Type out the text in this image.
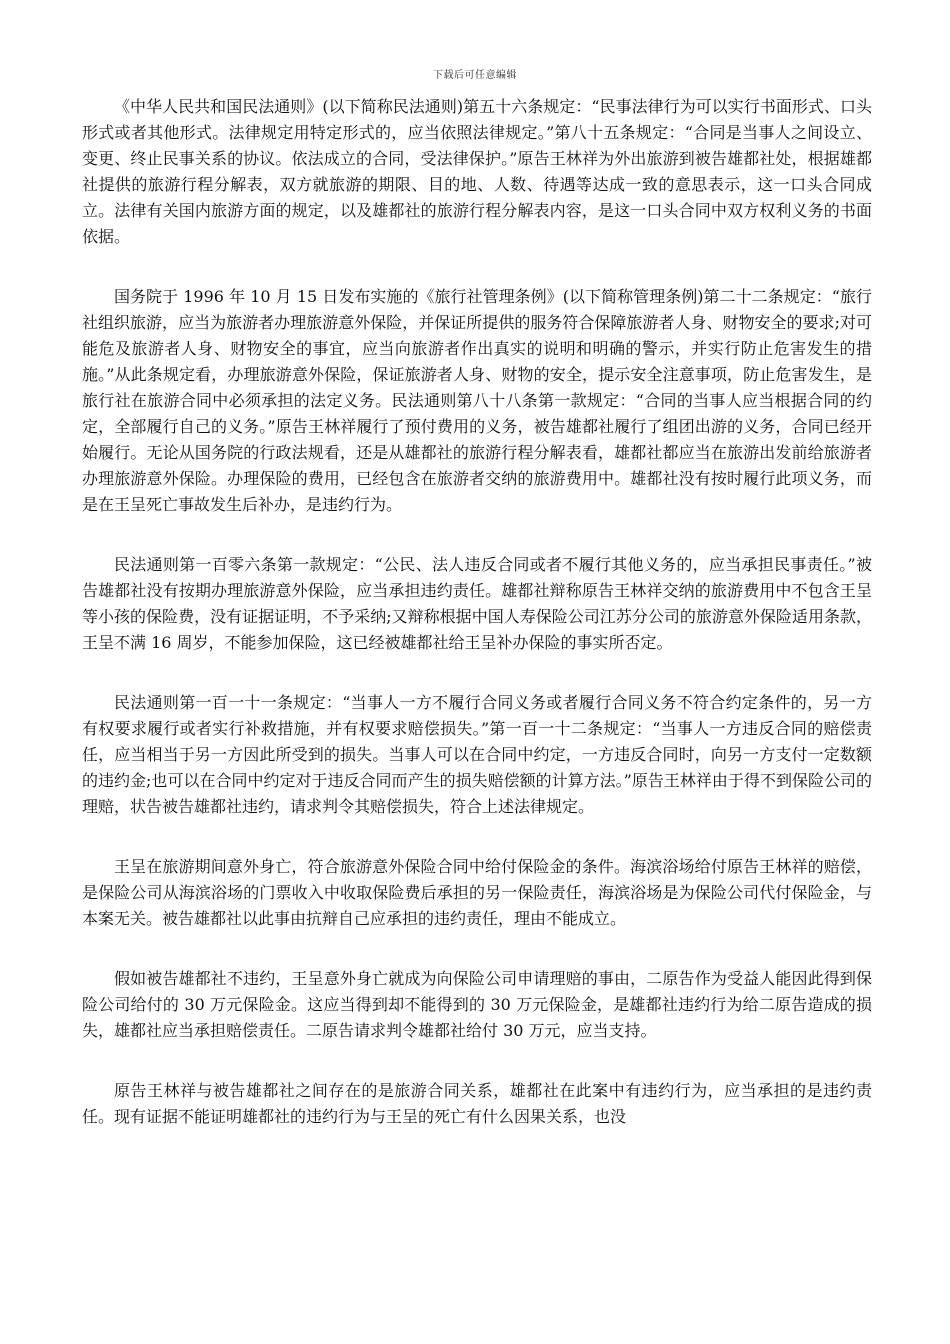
下载后可任意编辑

《中华人民共和国民法通则》(以下简称民法通则)第五十六条规定：“民事法律行为可以实行书面形式、口头形式或者其他形式。法律规定用特定形式的，应当依照法律规定。”第八十五条规定：“合同是当事人之间设立、变更、终止民事关系的协议。依法成立的合同，受法律保护。”原告王林祥为外出旅游到被告雄都社处，根据雄都社提供的旅游行程分解表，双方就旅游的期限、目的地、人数、待遇等达成一致的意思表示，这一口头合同成立。法律有关国内旅游方面的规定，以及雄都社的旅游行程分解表内容，是这一口头合同中双方权利义务的书面依据。

国务院于 1996 年 10 月 15 日发布实施的《旅行社管理条例》(以下简称管理条例)第二十二条规定：“旅行社组织旅游，应当为旅游者办理旅游意外保险，并保证所提供的服务符合保障旅游者人身、财物安全的要求;对可能危及旅游者人身、财物安全的事宜，应当向旅游者作出真实的说明和明确的警示，并实行防止危害发生的措施。”从此条规定看，办理旅游意外保险，保证旅游者人身、财物的安全，提示安全注意事项，防止危害发生，是旅行社在旅游合同中必须承担的法定义务。民法通则第八十八条第一款规定：“合同的当事人应当根据合同的约定，全部履行自己的义务。”原告王林祥履行了预付费用的义务，被告雄都社履行了组团出游的义务，合同已经开始履行。无论从国务院的行政法规看，还是从雄都社的旅游行程分解表看，雄都社都应当在旅游出发前给旅游者办理旅游意外保险。办理保险的费用，已经包含在旅游者交纳的旅游费用中。雄都社没有按时履行此项义务，而是在王呈死亡事故发生后补办，是违约行为。

民法通则第一百零六条第一款规定：“公民、法人违反合同或者不履行其他义务的，应当承担民事责任。”被告雄都社没有按期办理旅游意外保险，应当承担违约责任。雄都社辩称原告王林祥交纳的旅游费用中不包含王呈等小孩的保险费，没有证据证明，不予采纳;又辩称根据中国人寿保险公司江苏分公司的旅游意外保险适用条款，王呈不满 16 周岁，不能参加保险，这已经被雄都社给王呈补办保险的事实所否定。

民法通则第一百一十一条规定：“当事人一方不履行合同义务或者履行合同义务不符合约定条件的，另一方有权要求履行或者实行补救措施，并有权要求赔偿损失。”第一百一十二条规定：“当事人一方违反合同的赔偿责任，应当相当于另一方因此所受到的损失。当事人可以在合同中约定，一方违反合同时，向另一方支付一定数额的违约金;也可以在合同中约定对于违反合同而产生的损失赔偿额的计算方法。”原告王林祥由于得不到保险公司的理赔，状告被告雄都社违约，请求判令其赔偿损失，符合上述法律规定。

王呈在旅游期间意外身亡，符合旅游意外保险合同中给付保险金的条件。海滨浴场给付原告王林祥的赔偿，是保险公司从海滨浴场的门票收入中收取保险费后承担的另一保险责任，海滨浴场是为保险公司代付保险金，与本案无关。被告雄都社以此事由抗辩自己应承担的违约责任，理由不能成立。

假如被告雄都社不违约，王呈意外身亡就成为向保险公司申请理赔的事由，二原告作为受益人能因此得到保险公司给付的 30 万元保险金。这应当得到却不能得到的 30 万元保险金，是雄都社违约行为给二原告造成的损失，雄都社应当承担赔偿责任。二原告请求判令雄都社给付 30 万元，应当支持。

原告王林祥与被告雄都社之间存在的是旅游合同关系，雄都社在此案中有违约行为，应当承担的是违约责任。现有证据不能证明雄都社的违约行为与王呈的死亡有什么因果关系，也没
